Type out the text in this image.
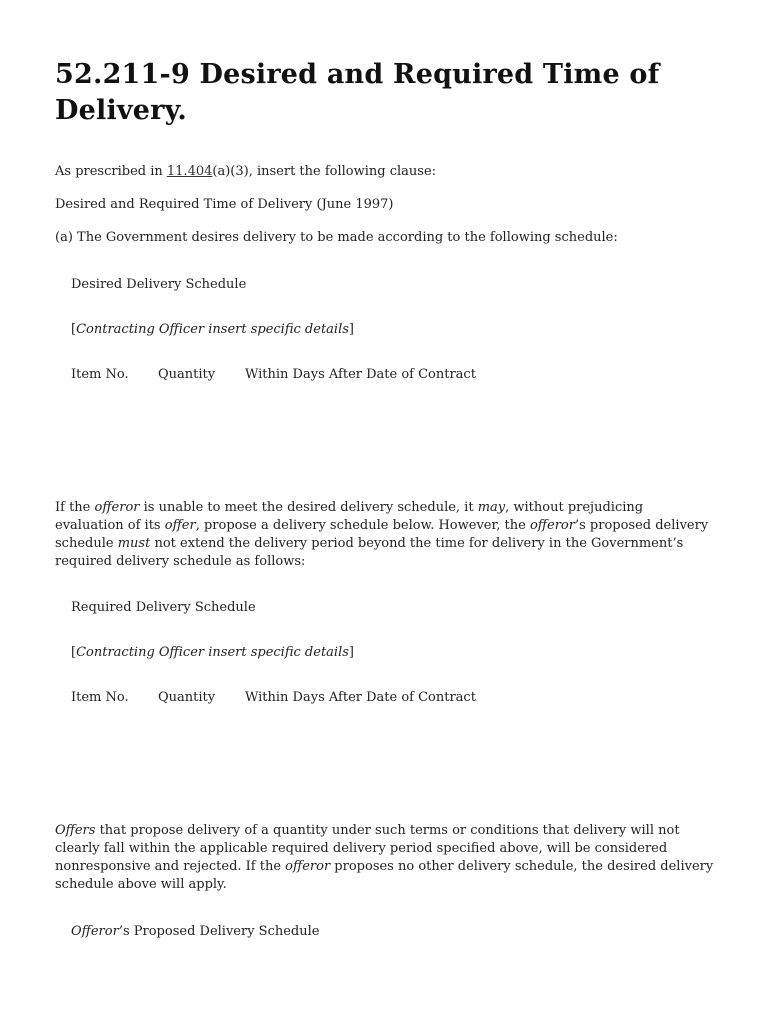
52.211-9 Desired and Required Time of Delivery.

As prescribed in 11.404(a)(3), insert the following clause:

Desired and Required Time of Delivery (June 1997)

(a) The Government desires delivery to be made according to the following schedule:

Desired Delivery Schedule

[Contracting Officer insert specific details]

Item No. Quantity Within Days After Date of Contract

If the offeror is unable to meet the desired delivery schedule, it may, without prejudicing evaluation of its offer, propose a delivery schedule below. However, the offeror’s proposed delivery schedule must not extend the delivery period beyond the time for delivery in the Government’s required delivery schedule as follows:

Required Delivery Schedule

[Contracting Officer insert specific details]

Item No. Quantity Within Days After Date of Contract

Offers that propose delivery of a quantity under such terms or conditions that delivery will not clearly fall within the applicable required delivery period specified above, will be considered nonresponsive and rejected. If the offeror proposes no other delivery schedule, the desired delivery schedule above will apply.

Offeror’s Proposed Delivery Schedule
